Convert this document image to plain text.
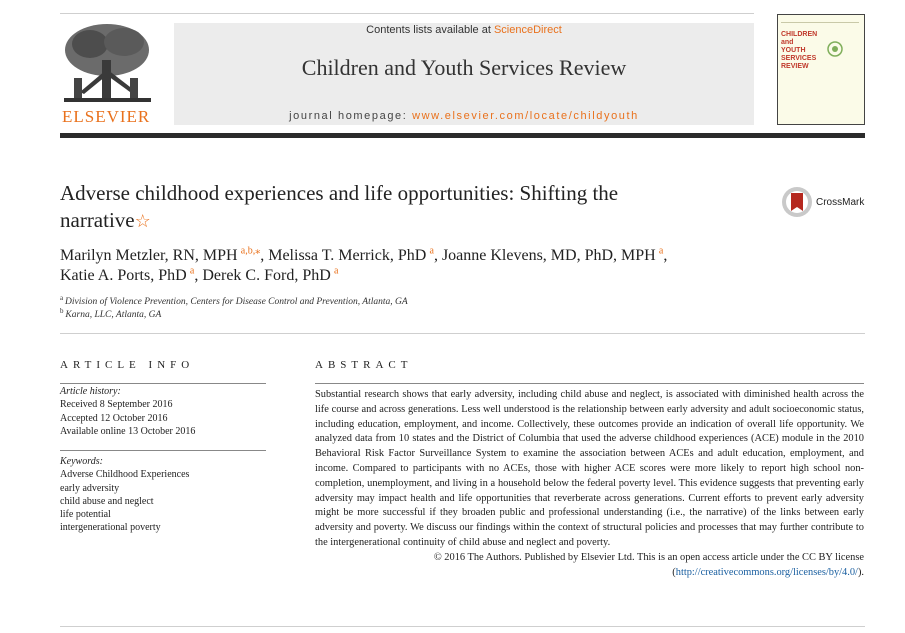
ELSEVIER
Contents lists available at ScienceDirect
Children and Youth Services Review
journal homepage: www.elsevier.com/locate/childyouth
CHILDREN
and
YOUTH
SERVICES
REVIEW
Adverse childhood experiences and life opportunities: Shifting the narrative☆
CrossMark
Marilyn Metzler, RN, MPH  $^{a,b,⁎}$, Melissa T. Merrick, PhD  $^a$, Joanne Klevens, MD, PhD, MPH  $^a$,
Katie A. Ports, PhD  $^a$, Derek C. Ford, PhD  $^a$
$^a$  Division of Violence Prevention, Centers for Disease Control and Prevention, Atlanta, GA
$^b$  Karna, LLC, Atlanta, GA
ARTICLE INFO
Article history:
Received 8 September 2016
Accepted 12 October 2016
Available online 13 October 2016
Keywords:
Adverse Childhood Experiences
early adversity
child abuse and neglect
life potential
intergenerational poverty
ABSTRACT
Substantial research shows that early adversity, including child abuse and neglect, is associated with diminished health across the life course and across generations. Less well understood is the relationship between early adversity and adult socioeconomic status, including education, employment, and income. Collectively, these outcomes provide an indication of overall life opportunity. We analyzed data from 10 states and the District of Columbia that used the adverse childhood experiences (ACE) module in the 2010 Behavioral Risk Factor Surveillance System to examine the association between ACEs and adult education, employment, and income. Compared to participants with no ACEs, those with higher ACE scores were more likely to report high school non-completion, unemployment, and living in a household below the federal poverty level. This evidence suggests that preventing early adversity may impact health and life opportunities that reverberate across generations. Current efforts to prevent early adversity might be more successful if they broaden public and professional understanding (i.e., the narrative) of the links between early adversity and poverty. We discuss our findings within the context of structural policies and processes that may further contribute to the intergenerational continuity of child abuse and neglect and poverty.
© 2016 The Authors. Published by Elsevier Ltd. This is an open access article under the CC BY license
(http://creativecommons.org/licenses/by/4.0/).
